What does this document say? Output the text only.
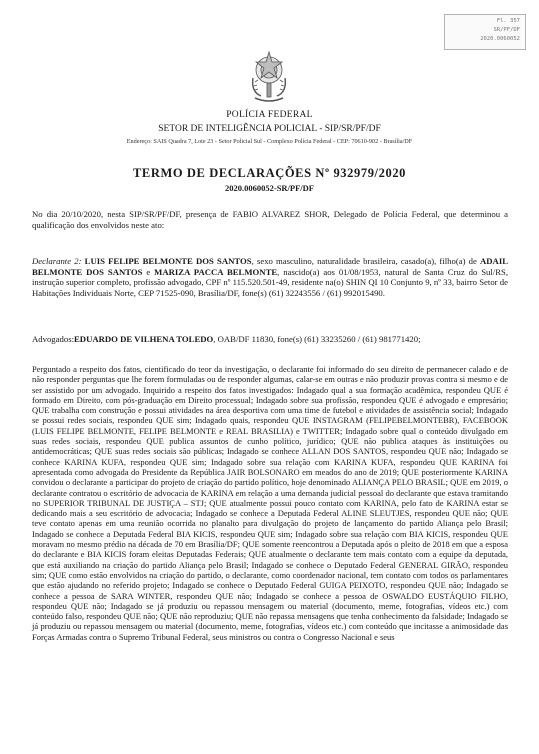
Fl. 357
SR/PF/DF
2020.0060052
POLÍCIA FEDERAL
SETOR DE INTELIGÊNCIA POLICIAL - SIP/SR/PF/DF
Endereço: SAIS Quadra 7, Lote 23 - Setor Policial Sul - Complexo Polícia Federal - CEP: 70610-902 - Brasília/DF
TERMO DE DECLARAÇÕES Nº 932979/2020
2020.0060052-SR/PF/DF
No dia 20/10/2020, nesta SIP/SR/PF/DF, presença de FABIO ALVAREZ SHOR, Delegado de Polícia Federal, que determinou a qualificação dos envolvidos neste ato:
Declarante 2: LUIS FELIPE BELMONTE DOS SANTOS, sexo masculino, naturalidade brasileira, casado(a), filho(a) de ADAIL BELMONTE DOS SANTOS e MARIZA PACCA BELMONTE, nascido(a) aos 01/08/1953, natural de Santa Cruz do Sul/RS, instrução superior completo, profissão advogado, CPF nº 115.520.501-49, residente na(o) SHIN QI 10 Conjunto 9, nº 33, bairro Setor de Habitações Individuais Norte, CEP 71525-090, Brasília/DF, fone(s) (61) 32243556 / (61) 992015490.
Advogados:EDUARDO DE VILHENA TOLEDO, OAB/DF 11830, fone(s) (61) 33235260 / (61) 981771420;
Perguntado a respeito dos fatos, cientificado do teor da investigação, o declarante foi informado do seu direito de permanecer calado e de não responder perguntas que lhe forem formuladas ou de responder algumas, calar-se em outras e não produzir provas contra si mesmo e de ser assistido por um advogado. Inquirido a respeito dos fatos investigados: Indagado qual a sua formação acadêmica, respondeu QUE é formado em Direito, com pós-graduação em Direito processual; Indagado sobre sua profissão, respondeu QUE é advogado e empresário; QUE trabalha com construção e possui atividades na área desportiva com uma time de futebol e atividades de assistência social; Indagado se possui redes sociais, respondeu QUE sim; Indagado quais, respondeu QUE INSTAGRAM (FELIPEBELMONTEBR), FACEBOOK (LUIS FELIPE BELMONTE, FELIPE BELMONTE e REAL BRASILIA) e TWITTER; Indagado sobre qual o conteúdo divulgado em suas redes sociais, respondeu QUE publica assuntos de cunho político, jurídico; QUE não publica ataques às instituições ou antidemocráticas; QUE suas redes sociais são públicas; Indagado se conhece ALLAN DOS SANTOS, respondeu QUE não; Indagado se conhece KARINA KUFA, respondeu QUE sim; Indagado sobre sua relação com KARINA KUFA, respondeu QUE KARINA foi apresentada como advogada do Presidente da República JAIR BOLSONARO em meados do ano de 2019; QUE posteriormente KARINA convidou o declarante a participar do projeto de criação do partido político, hoje denominado ALIANÇA PELO BRASIL; QUE em 2019, o declarante contratou o escritório de advocacia de KARINA em relação a uma demanda judicial pessoal do declarante que estava tramitando no SUPERIOR TRIBUNAL DE JUSTIÇA – STJ; QUE atualmente possui pouco contato com KARINA, pelo fato de KARINA estar se dedicando mais a seu escritório de advocacia; Indagado se conhece a Deputada Federal ALINE SLEUTJES, respondeu QUE não; QUE teve contato apenas em uma reunião ocorrida no planalto para divulgação do projeto de lançamento do partido Aliança pelo Brasil; Indagado se conhece a Deputada Federal BIA KICIS, respondeu QUE sim; Indagado sobre sua relação com BIA KICIS, respondeu QUE moravam no mesmo prédio na década de 70 em Brasília/DF; QUE somente reencontrou a Deputada após o pleito de 2018 em que a esposa do declarante e BIA KICIS foram eleitas Deputadas Federais; QUE atualmente o declarante tem mais contato com a equipe da deputada, que está auxiliando na criação do partido Aliança pelo Brasil; Indagado se conhece o Deputado Federal GENERAL GIRÃO, respondeu sim; QUE como estão envolvidos na criação do partido, o declarante, como coordenador nacional, tem contato com todos os parlamentares que estão ajudando no referido projeto; Indagado se conhece o Deputado Federal GUIGA PEIXOTO, respondeu QUE não; Indagado se conhece a pessoa de SARA WINTER, respondeu QUE não; Indagado se conhece a pessoa de OSWALDO EUSTÁQUIO FILHO, respondeu QUE não; Indagado se já produziu ou repassou mensagem ou material (documento, meme, fotografias, vídeos etc.) com conteúdo falso, respondeu QUE não; QUE não reproduziu; QUE não repassa mensagens que tenha conhecimento da falsidade; Indagado se já produziu ou repassou mensagem ou material (documento, meme, fotografias, vídeos etc.) com conteúdo que incitasse a animosidade das Forças Armadas contra o Supremo Tribunal Federal, seus ministros ou contra o Congresso Nacional e seus
